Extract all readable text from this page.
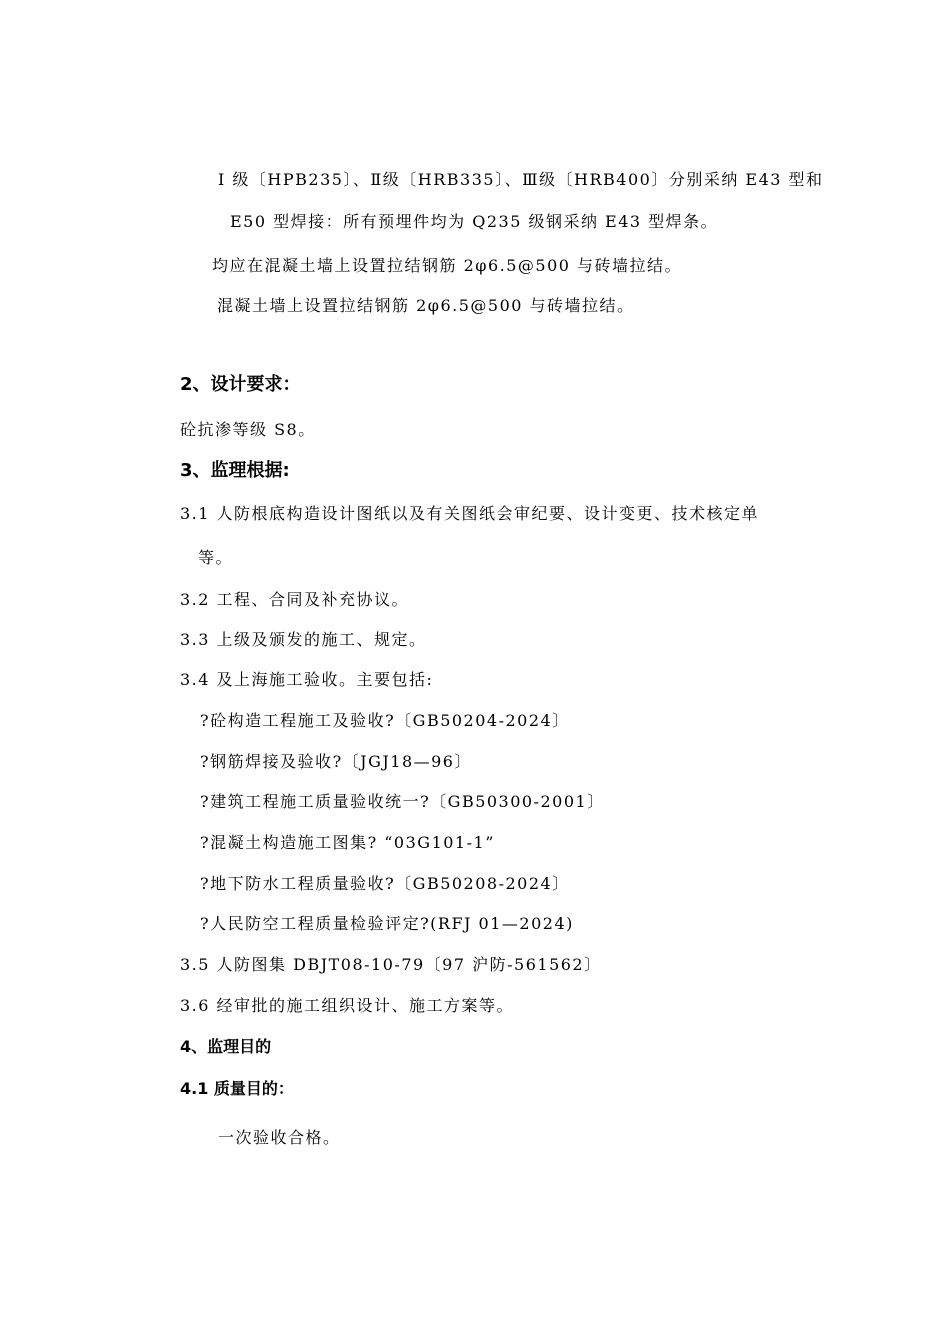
Ⅰ 级〔HPB235〕、Ⅱ级〔HRB335〕、Ⅲ级〔HRB400〕分别采纳 E43 型和
E50 型焊接：所有预埋件均为 Q235 级钢采纳 E43 型焊条。
均应在混凝土墙上设置拉结钢筋 2φ6.5@500 与砖墙拉结。
混凝土墙上设置拉结钢筋 2φ6.5@500 与砖墙拉结。
2、设计要求：
砼抗渗等级 S8。
3、监理根据:
3.1 人防根底构造设计图纸以及有关图纸会审纪要、设计变更、技术核定单
等。
3.2 工程、合同及补充协议。
3.3 上级及颁发的施工、规定。
3.4 及上海施工验收。主要包括:
?砼构造工程施工及验收?〔GB50204-2024〕
?钢筋焊接及验收?〔JGJ18—96〕
?建筑工程施工质量验收统一?〔GB50300-2001〕
?混凝土构造施工图集? “03G101-1”
?地下防水工程质量验收?〔GB50208-2024〕
?人民防空工程质量检验评定?(RFJ 01—2024)
3.5 人防图集 DBJT08-10-79〔97 沪防-561562〕
3.6 经审批的施工组织设计、施工方案等。
4、监理目的
4.1 质量目的：
一次验收合格。
